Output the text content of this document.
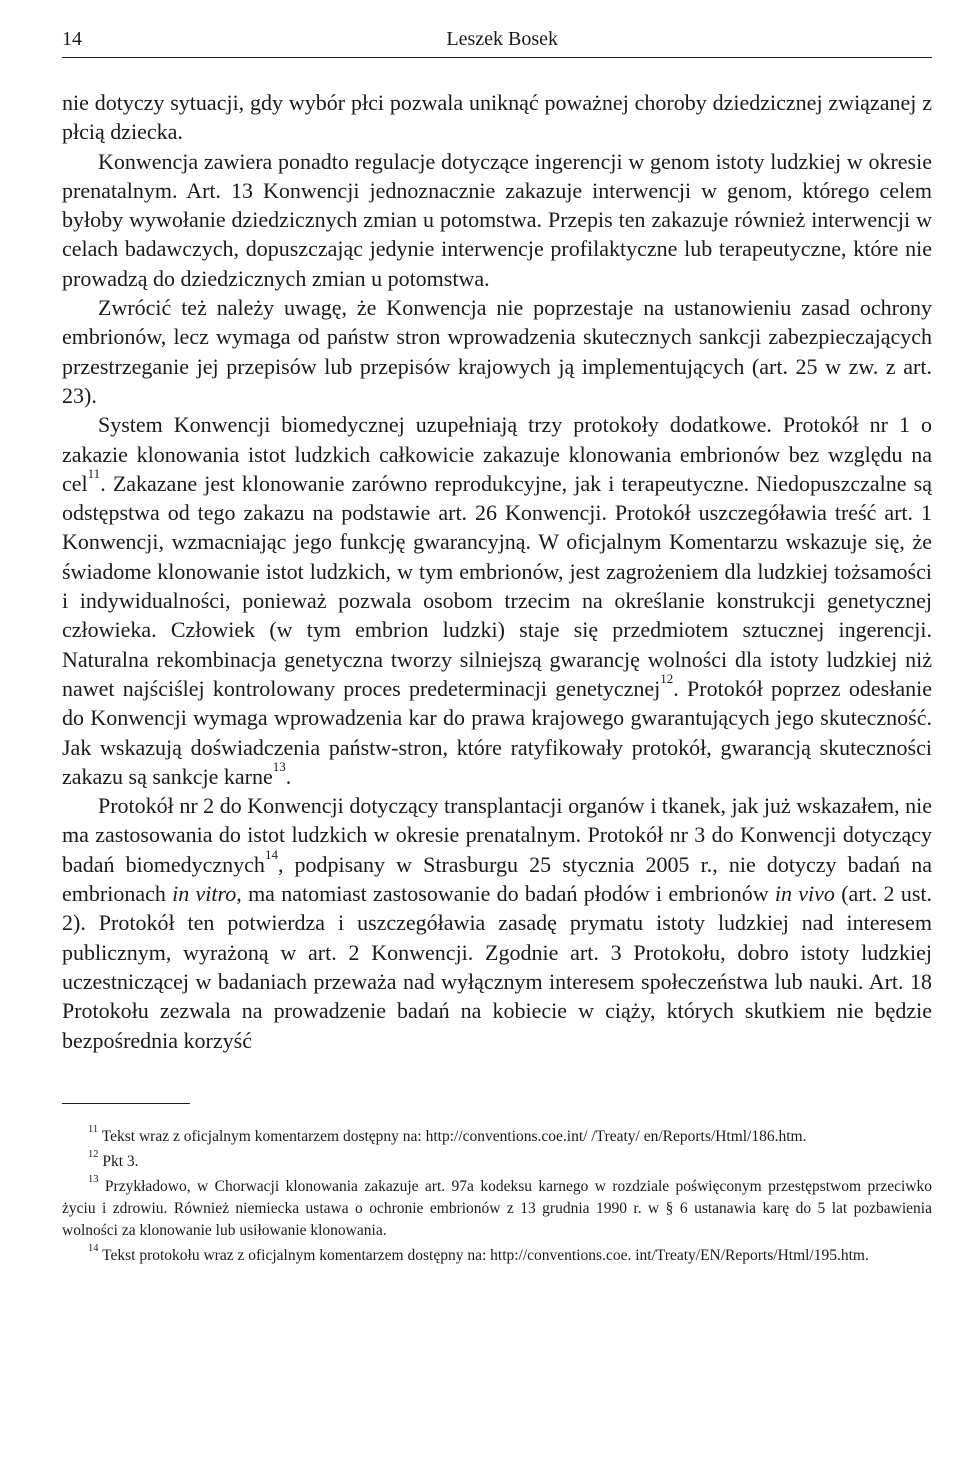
14	Leszek Bosek

nie dotyczy sytuacji, gdy wybór płci pozwala uniknąć poważnej choroby dziedzicznej związanej z płcią dziecka.

Konwencja zawiera ponadto regulacje dotyczące ingerencji w genom istoty ludzkiej w okresie prenatalnym. Art. 13 Konwencji jednoznacznie zakazuje interwencji w genom, którego celem byłoby wywołanie dziedzicznych zmian u potomstwa. Przepis ten zakazuje również interwencji w celach badawczych, dopuszczając jedynie interwencje profilaktyczne lub terapeutyczne, które nie prowadzą do dziedzicznych zmian u potomstwa.

Zwrócić też należy uwagę, że Konwencja nie poprzestaje na ustanowieniu zasad ochrony embrionów, lecz wymaga od państw stron wprowadzenia skutecznych sankcji zabezpieczających przestrzeganie jej przepisów lub przepisów krajowych ją implementujących (art. 25 w zw. z art. 23).

System Konwencji biomedycznej uzupełniają trzy protokoły dodatkowe. Protokół nr 1 o zakazie klonowania istot ludzkich całkowicie zakazuje klonowania embrionów bez względu na cel$^{11}$. Zakazane jest klonowanie zarówno reprodukcyjne, jak i terapeutyczne. Niedopuszczalne są odstępstwa od tego zakazu na podstawie art. 26 Konwencji. Protokół uszczegóławia treść art. 1 Konwencji, wzmacniając jego funkcję gwarancyjną. W oficjalnym Komentarzu wskazuje się, że świadome klonowanie istot ludzkich, w tym embrionów, jest zagrożeniem dla ludzkiej tożsamości i indywidualności, ponieważ pozwala osobom trzecim na określanie konstrukcji genetycznej człowieka. Człowiek (w tym embrion ludzki) staje się przedmiotem sztucznej ingerencji. Naturalna rekombinacja genetyczna tworzy silniejszą gwarancję wolności dla istoty ludzkiej niż nawet najściślej kontrolowany proces predeterminacji genetycznej$^{12}$. Protokół poprzez odesłanie do Konwencji wymaga wprowadzenia kar do prawa krajowego gwarantujących jego skuteczność. Jak wskazują doświadczenia państw-stron, które ratyfikowały protokół, gwarancją skuteczności zakazu są sankcje karne$^{13}$.

Protokół nr 2 do Konwencji dotyczący transplantacji organów i tkanek, jak już wskazałem, nie ma zastosowania do istot ludzkich w okresie prenatalnym. Protokół nr 3 do Konwencji dotyczący badań biomedycznych$^{14}$, podpisany w Strasburgu 25 stycznia 2005 r., nie dotyczy badań na embrionach in vitro, ma natomiast zastosowanie do badań płodów i embrionów in vivo (art. 2 ust. 2). Protokół ten potwierdza i uszczegóławia zasadę prymatu istoty ludzkiej nad interesem publicznym, wyrażoną w art. 2 Konwencji. Zgodnie art. 3 Protokołu, dobro istoty ludzkiej uczestniczącej w badaniach przeważa nad wyłącznym interesem społeczeństwa lub nauki. Art. 18 Protokołu zezwala na prowadzenie badań na kobiecie w ciąży, których skutkiem nie będzie bezpośrednia korzyść

$^{11}$ Tekst wraz z oficjalnym komentarzem dostępny na: http://conventions.coe.int/ /Treaty/ en/Reports/Html/186.htm.

$^{12}$ Pkt 3.

$^{13}$ Przykładowo, w Chorwacji klonowania zakazuje art. 97a kodeksu karnego w rozdziale poświęconym przestępstwom przeciwko życiu i zdrowiu. Również niemiecka ustawa o ochronie embrionów z 13 grudnia 1990 r. w § 6 ustanawia karę do 5 lat pozbawienia wolności za klonowanie lub usiłowanie klonowania.

$^{14}$ Tekst protokołu wraz z oficjalnym komentarzem dostępny na: http://conventions.coe. int/Treaty/EN/Reports/Html/195.htm.
